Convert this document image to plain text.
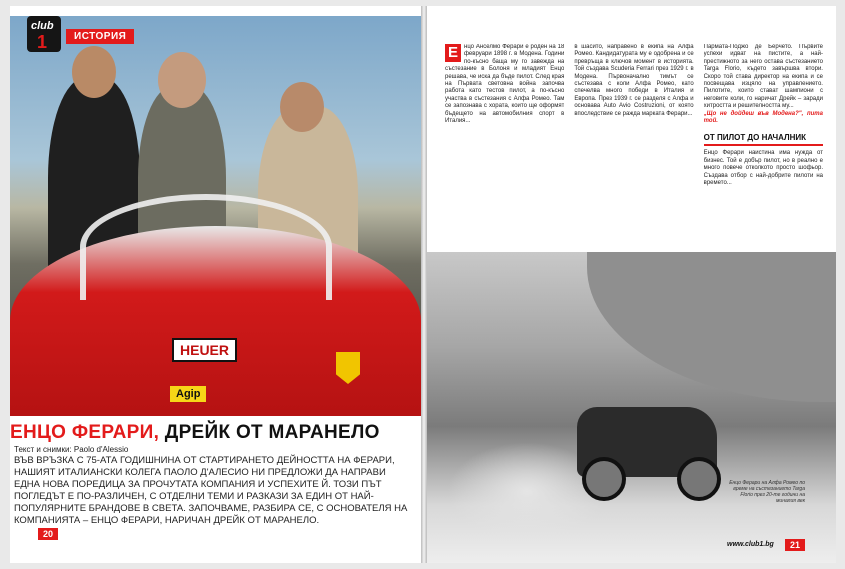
HEUER
Agip
club
1	ИСТОРИЯ
ЕНЦО ФЕРАРИ, ДРЕЙК ОТ МАРАНЕЛО
Текст и снимки: Paolo d'Alessio
ВЪВ ВРЪЗКА С 75-АТА ГОДИШНИНА ОТ СТАРТИРАНЕТО ДЕЙНОСТТА НА ФЕРАРИ, НАШИЯТ ИТАЛИАНСКИ КОЛЕГА ПАОЛО Д'АЛЕСИО НИ ПРЕДЛОЖИ ДА НАПРАВИ ЕДНА НОВА ПОРЕДИЦА ЗА ПРОЧУТАТА КОМПАНИЯ И УСПЕХИТЕ Й. ТОЗИ ПЪТ ПОГЛЕДЪТ Е ПО-РАЗЛИЧЕН, С ОТДЕЛНИ ТЕМИ И РАЗКАЗИ ЗА ЕДИН ОТ НАЙ-ПОПУЛЯРНИТЕ БРАНДОВЕ В СВЕТА. ЗАПОЧВАМЕ, РАЗБИРА СЕ, С ОСНОВАТЕЛЯ НА КОМПАНИЯТА – ЕНЦО ФЕРАРИ, НАРИЧАН ДРЕЙК ОТ МАРАНЕЛО.
20
Е	нцо Анселмо Ферари е роден на 18 февруари 1898 г. в Модена. Години по-късно баща му го завежда на състезание в Болоня и младият Енцо решава, че иска да бъде пилот. След края на Първата световна война започва работа като тестов пилот, а по-късно участва в състезания с Алфа Ромео. Там се запознава с хората, които ще оформят бъдещето на автомобилния спорт в Италия...
в шасито, направено в екипа на Алфа Ромео. Кандидатурата му е одобрена и се превръща в ключов момент в историята. Той създава Scuderia Ferrari през 1929 г. в Модена. Първоначално тимът се състезава с коли Алфа Ромео, като спечелва много победи в Италия и Европа. През 1939 г. се разделя с Алфа и основава Auto Avio Costruzioni, от която впоследствие се ражда марката Ферари...
Пармата-Поджо де Берчето. Първите успехи идват на пистите, а най-престижното за него остава състезанието Targa Florio, където завършва втори. Скоро той става директор на екипа и се посвещава изцяло на управлението. Пилотите, които стават шампиони с неговите коли, го наричат Дрейк – заради хитростта и решителността му...
„Що не дойдеш във Модена?", пита той.
ОТ ПИЛОТ ДО НАЧАЛНИК
Енцо Ферари наистина има нужда от бизнес. Той е добър пилот, но в реално е много повече отколкото просто шофьор. Създава отбор с най-добрите пилоти на времето...
Енцо Ферари на Алфа Ромео по време на състезанието Targa Florio през 20-те години на миналия век
www.club1.bg	21
